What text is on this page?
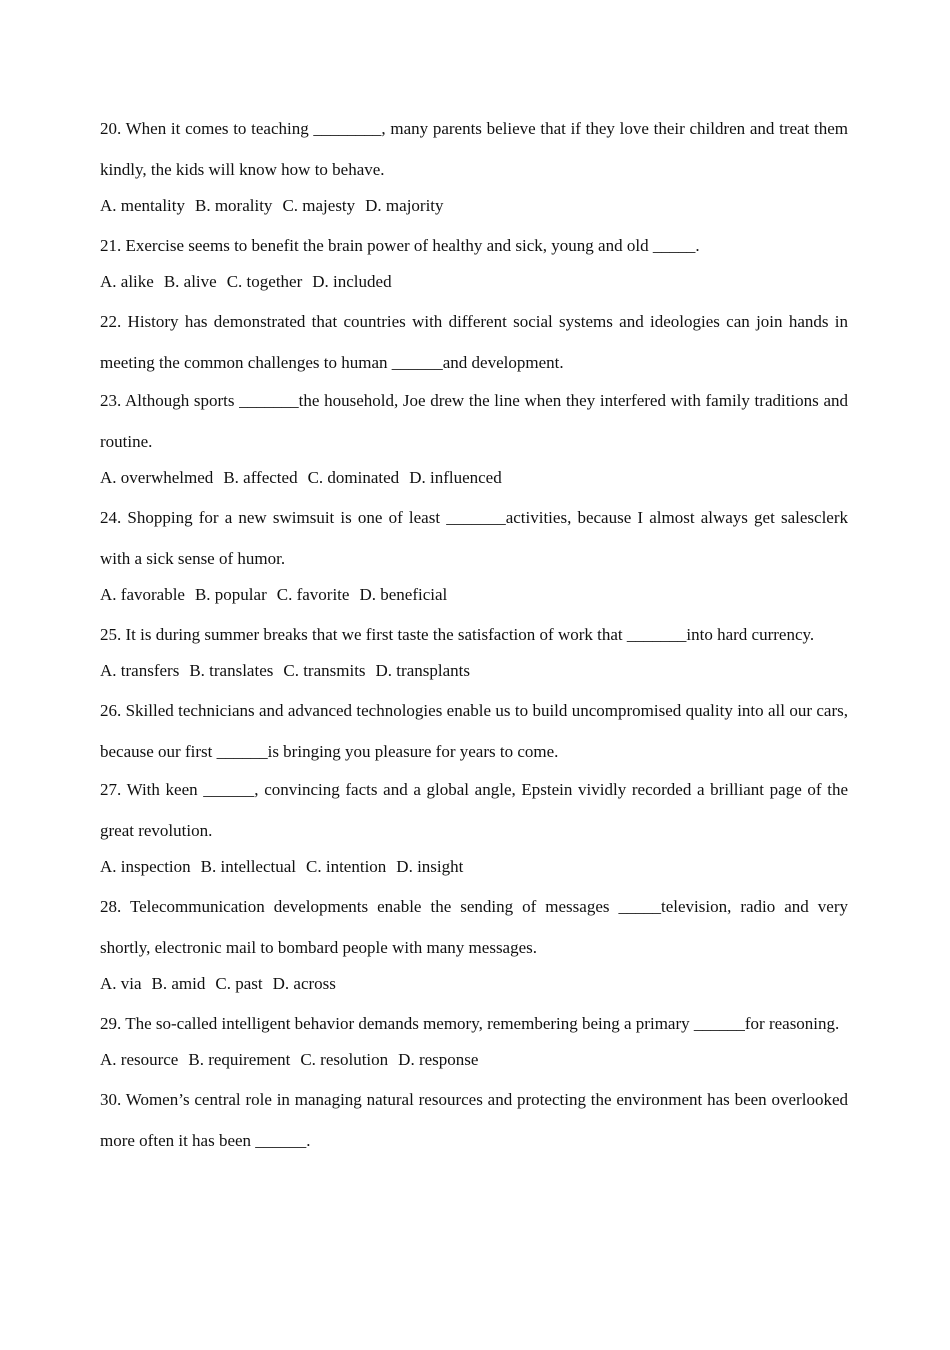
20. When it comes to teaching ________, many parents believe that if they love their children and treat them kindly, the kids will know how to behave.

A. mentality B. morality C. majesty D. majority

21. Exercise seems to benefit the brain power of healthy and sick, young and old _____.

A. alike B. alive C. together D. included

22. History has demonstrated that countries with different social systems and ideologies can join hands in meeting the common challenges to human ______and development.

23. Although sports _______the household, Joe drew the line when they interfered with family traditions and routine.

A. overwhelmed B. affected C. dominated D. influenced

24. Shopping for a new swimsuit is one of least _______activities, because I almost always get salesclerk with a sick sense of humor.

A. favorable B. popular C. favorite D. beneficial

25. It is during summer breaks that we first taste the satisfaction of work that _______into hard currency.

A. transfers B. translates C. transmits D. transplants

26. Skilled technicians and advanced technologies enable us to build uncompromised quality into all our cars, because our first ______is bringing you pleasure for years to come.

27. With keen ______, convincing facts and a global angle, Epstein vividly recorded a brilliant page of the great revolution.

A. inspection B. intellectual C. intention D. insight

28. Telecommunication developments enable the sending of messages _____television, radio and very shortly, electronic mail to bombard people with many messages.

A. via B. amid C. past D. across

29. The so-called intelligent behavior demands memory, remembering being a primary ______for reasoning.

A. resource B. requirement C. resolution D. response

30. Women’s central role in managing natural resources and protecting the environment has been overlooked more often it has been ______.
